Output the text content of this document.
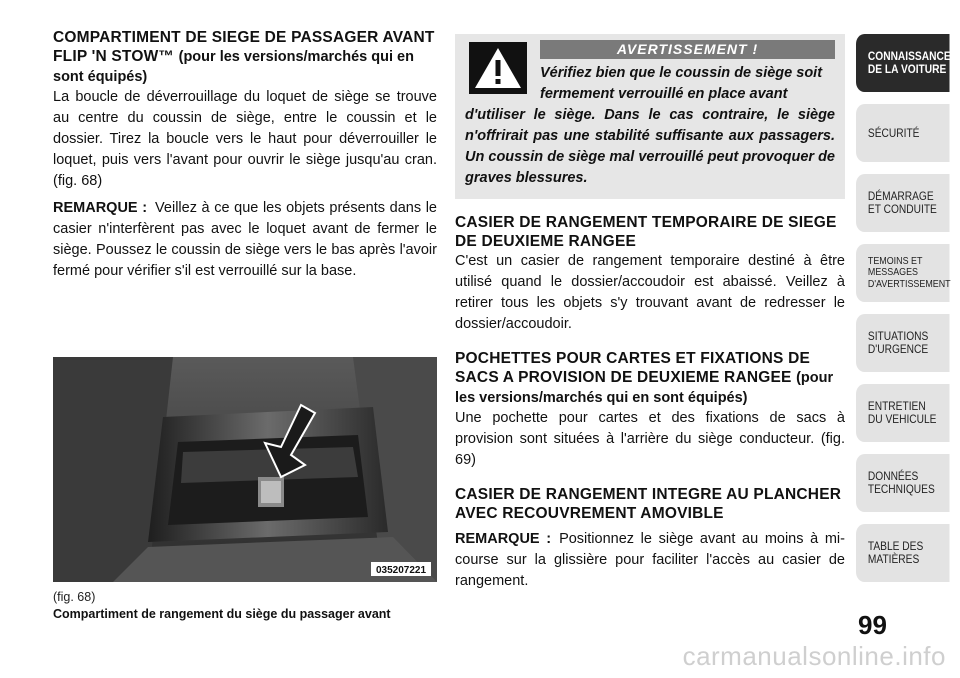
COMPARTIMENT DE SIEGE DE PASSAGER AVANT FLIP 'N STOW™ (pour les versions/marchés qui en sont équipés)

La boucle de déverrouillage du loquet de siège se trouve au centre du coussin de siège, entre le coussin et le dossier. Tirez la boucle vers le haut pour déverrouiller le loquet, puis vers l'avant pour ouvrir le siège jusqu'au cran. (fig. 68)

REMARQUE : Veillez à ce que les objets présents dans le casier n'interfèrent pas avec le loquet avant de fermer le siège. Poussez le coussin de siège vers le bas après l'avoir fermé pour vérifier s'il est verrouillé sur la base.

035207221
(fig. 68)
Compartiment de rangement du siège du passager avant
AVERTISSEMENT !
Vérifiez bien que le coussin de siège soit
fermement verrouillé en place avant
d'utiliser le siège. Dans le cas contraire, le siège n'offrirait pas une stabilité suffisante aux passagers. Un coussin de siège mal verrouillé peut provoquer de graves blessures.

CASIER DE RANGEMENT TEMPORAIRE DE SIEGE DE DEUXIEME RANGEE

C'est un casier de rangement temporaire destiné à être utilisé quand le dossier/accoudoir est abaissé. Veillez à retirer tous les objets s'y trouvant avant de redresser le dossier/accoudoir.

POCHETTES POUR CARTES ET FIXATIONS DE SACS A PROVISION DE DEUXIEME RANGEE (pour les versions/marchés qui en sont équipés)

Une pochette pour cartes et des fixations de sacs à provision sont situées à l'arrière du siège conducteur. (fig. 69)

CASIER DE RANGEMENT INTEGRE AU PLANCHER AVEC RECOUVREMENT AMOVIBLE

REMARQUE : Positionnez le siège avant au moins à mi-course sur la glissière pour faciliter l'accès au casier de rangement.

CONNAISSANCE
DE LA VOITURE
SÉCURITÉ
DÉMARRAGE
ET CONDUITE
TEMOINS ET
MESSAGES
D'AVERTISSEMENT
SITUATIONS
D'URGENCE
ENTRETIEN
DU VEHICULE
DONNÉES
TECHNIQUES
TABLE DES
MATIÈRES
99
carmanualsonline.info
